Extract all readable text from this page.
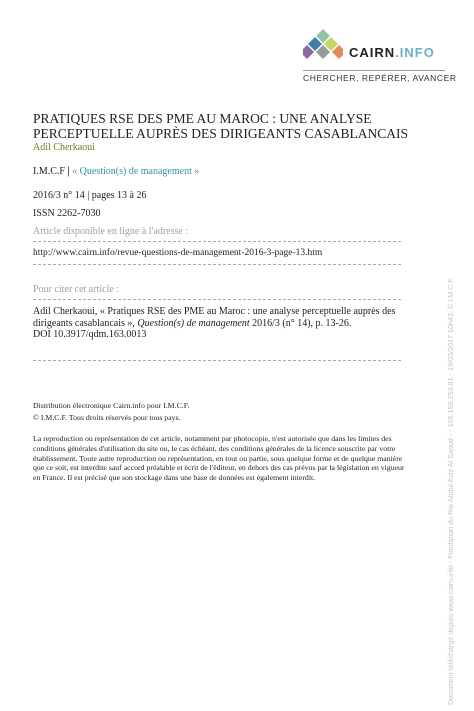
CAIRN.INFO
CHERCHER, REPÉRER, AVANCER
PRATIQUES RSE DES PME AU MAROC : UNE ANALYSE PERCEPTUELLE AUPRÈS DES DIRIGEANTS CASABLANCAIS
Adil Cherkaoui
I.M.C.F | « Question(s) de management »
2016/3 n° 14 | pages 13 à 26
ISSN 2262-7030
Article disponible en ligne à l'adresse :
http://www.cairn.info/revue-questions-de-management-2016-3-page-13.htm
Pour citer cet article :
Adil Cherkaoui, « Pratiques RSE des PME au Maroc : une analyse perceptuelle auprès des dirigeants casablancais », Question(s) de management 2016/3 (n° 14), p. 13-26.
DOI 10.3917/qdm.163.0013
Distribution électronique Cairn.info pour I.M.C.F.
© I.M.C.F. Tous droits réservés pour tous pays.
La reproduction ou représentation de cet article, notamment par photocopie, n'est autorisée que dans les limites des conditions générales d'utilisation du site ou, le cas échéant, des conditions générales de la licence souscrite par votre établissement. Toute autre reproduction ou représentation, en tout ou partie, sous quelque forme et de quelque manière que ce soit, est interdite sauf accord préalable et écrit de l'éditeur, en dehors des cas prévus par la législation en vigueur en France. Il est précisé que son stockage dans une base de données est également interdit.	Document téléchargé depuis www.cairn.info - Fondation du Roi Abdul Aziz Al Saoud - - 105.159.253.81 - 19/03/2017 10h43. © I.M.C.F.
